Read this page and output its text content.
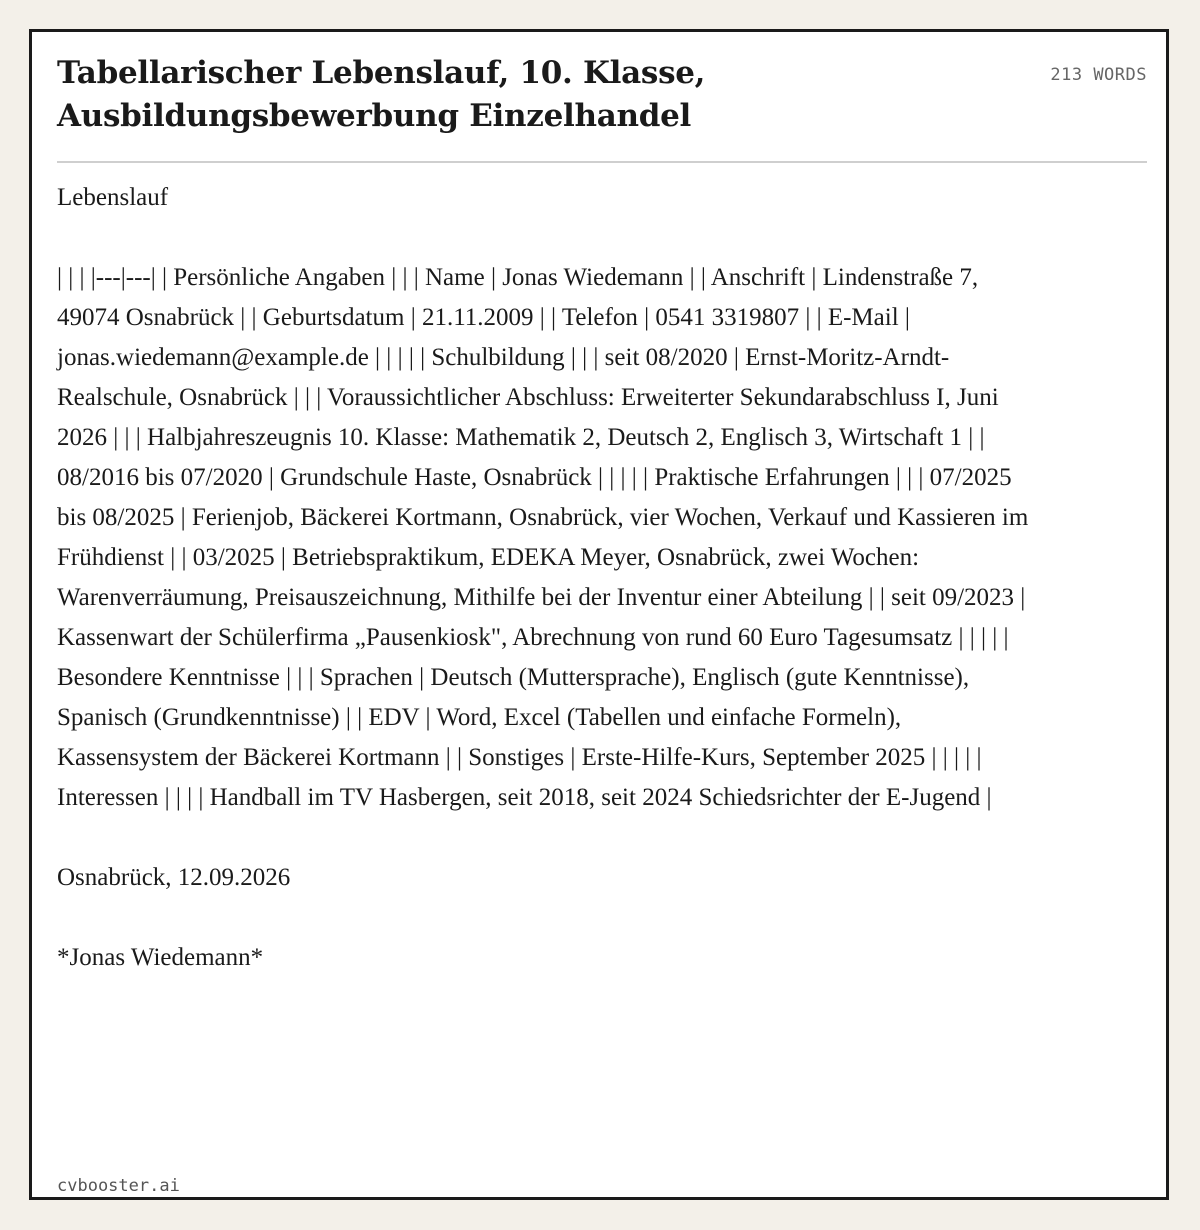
Tabellarischer Lebenslauf, 10. Klasse, Ausbildungsbewerbung Einzelhandel
213 WORDS

Lebenslauf

| | | |---|---| | Persönliche Angaben | | | Name | Jonas Wiedemann | | Anschrift | Lindenstraße 7, 49074 Osnabrück | | Geburtsdatum | 21.11.2009 | | Telefon | 0541 3319807 | | E-Mail | jonas.wiedemann@example.de | | | | | Schulbildung | | | seit 08/2020 | Ernst-Moritz-Arndt-Realschule, Osnabrück | | | Voraussichtlicher Abschluss: Erweiterter Sekundarabschluss I, Juni 2026 | | | Halbjahreszeugnis 10. Klasse: Mathematik 2, Deutsch 2, Englisch 3, Wirtschaft 1 | | 08/2016 bis 07/2020 | Grundschule Haste, Osnabrück | | | | | Praktische Erfahrungen | | | 07/2025 bis 08/2025 | Ferienjob, Bäckerei Kortmann, Osnabrück, vier Wochen, Verkauf und Kassieren im Frühdienst | | 03/2025 | Betriebspraktikum, EDEKA Meyer, Osnabrück, zwei Wochen: Warenverräumung, Preisauszeichnung, Mithilfe bei der Inventur einer Abteilung | | seit 09/2023 | Kassenwart der Schülerfirma „Pausenkiosk", Abrechnung von rund 60 Euro Tagesumsatz | | | | | Besondere Kenntnisse | | | Sprachen | Deutsch (Muttersprache), Englisch (gute Kenntnisse), Spanisch (Grundkenntnisse) | | EDV | Word, Excel (Tabellen und einfache Formeln), Kassensystem der Bäckerei Kortmann | | Sonstiges | Erste-Hilfe-Kurs, September 2025 | | | | | Interessen | | | | Handball im TV Hasbergen, seit 2018, seit 2024 Schiedsrichter der E-Jugend |

Osnabrück, 12.09.2026

*Jonas Wiedemann*

cvbooster.ai
